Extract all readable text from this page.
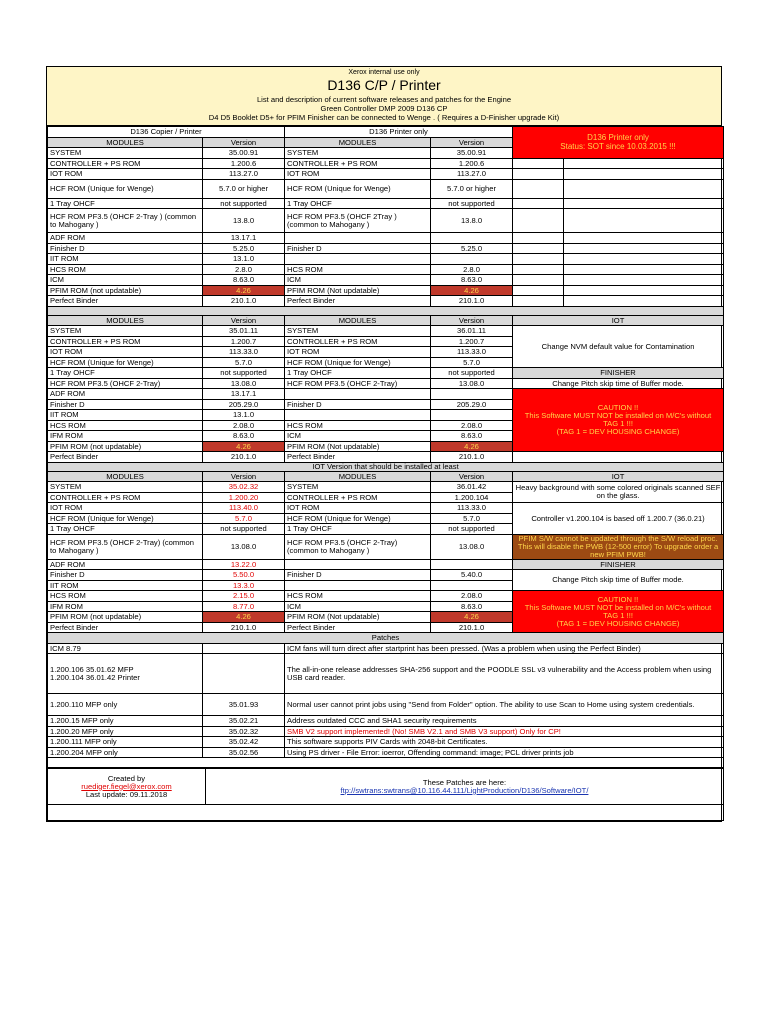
Xerox internal use only
D136 C/P / Printer
List and description of current software releases and patches for the Engine
Green Controller DMP 2009 D136 CP
D4 D5 Booklet D5+ for PFIM Finisher can be connected to Wenge . ( Requires a D-Finisher upgrade Kit)
D136 Copier / Printer		D136 Printer only		D136 Printer only
Status: SOT since 10.03.2015 !!!	
MODULES	Version	MODULES	Version		
SYSTEM	35.00.91	SYSTEM	35.00.91		
CONTROLLER + PS ROM	1.200.6	CONTROLLER + PS ROM	1.200.6		
IOT ROM	113.27.0	IOT ROM	113.27.0		
HCF ROM (Unique for Wenge)	5.7.0 or higher	HCF ROM (Unique for Wenge)	5.7.0 or higher		
1 Tray OHCF	not supported	1 Tray OHCF	not supported		
HCF ROM PF3.5 (OHCF 2-Tray ) (common to Mahogany )	13.8.0	HCF ROM PF3.5 (OHCF 2Tray ) (common to Mahogany )	13.8.0		
ADF ROM	13.17.1				
Finisher D	5.25.0	Finisher D	5.25.0		
IIT ROM	13.1.0				
HCS ROM	2.8.0	HCS ROM	2.8.0		
ICM	8.63.0	ICM	8.63.0		
PFIM ROM (not updatable)	4.26	PFIM ROM (Not updatable)	4.26		
Perfect Binder	210.1.0	Perfect Binder	210.1.0		

MODULES	Version	MODULES	Version	IOT	
SYSTEM	35.01.11	SYSTEM	36.01.11	Change NVM default value for Contamination	
CONTROLLER + PS ROM	1.200.7	CONTROLLER + PS ROM	1.200.7		
IOT ROM	113.33.0	IOT ROM	113.33.0		
HCF ROM (Unique for Wenge)	5.7.0	HCF ROM (Unique for Wenge)	5.7.0		
1 Tray OHCF	not supported	1 Tray OHCF	not supported	FINISHER	
HCF ROM PF3.5 (OHCF 2-Tray)	13.08.0	HCF ROM PF3.5 (OHCF 2-Tray)	13.08.0	Change Pitch skip time of Buffer mode.	
ADF ROM	13.17.1			CAUTION !!
This Software MUST NOT be installed on M/C's without
TAG 1 !!!
(TAG 1 = DEV HOUSING CHANGE)	
Finisher D	205.29.0	Finisher D	205.29.0		
IIT ROM	13.1.0				
HCS ROM	2.08.0	HCS ROM	2.08.0		
IFM ROM	8.63.0	ICM	8.63.0		
PFIM ROM (not updatable)	4.26	PFIM ROM (Not updatable)	4.26		
Perfect Binder	210.1.0	Perfect Binder	210.1.0		
IOT Version that should be installed at least					
MODULES	Version	MODULES	Version	IOT	
SYSTEM	35.02.32	SYSTEM	36.01.42	Heavy background with some colored originals scanned SEF on the glass.	
CONTROLLER + PS ROM	1.200.20	CONTROLLER + PS ROM	1.200.104		
IOT ROM	113.40.0	IOT ROM	113.33.0	Controller v1.200.104 is based off 1.200.7 (36.0.21)	
HCF ROM (Unique for Wenge)	5.7.0	HCF ROM (Unique for Wenge)	5.7.0		
1 Tray OHCF	not supported	1 Tray OHCF	not supported		
HCF ROM PF3.5 (OHCF 2-Tray) (common to Mahogany )	13.08.0	HCF ROM PF3.5 (OHCF 2-Tray) (common to Mahogany )	13.08.0	PFIM S/W cannot be updated through the S/W reload proc. This will disable the PWB (12-500 error) To upgrade order a new PFIM PWB!	
ADF ROM	13.22.0			FINISHER	
Finisher D	5.50.0	Finisher D	5.40.0	Change Pitch skip time of Buffer mode.	
IIT ROM	13.3.0				
HCS ROM	2.15.0	HCS ROM	2.08.0	CAUTION !!
This Software MUST NOT be installed on M/C's without
TAG 1 !!!
(TAG 1 = DEV HOUSING CHANGE)	
IFM ROM	8.77.0	ICM	8.63.0		
PFIM ROM (not updatable)	4.26	PFIM ROM (Not updatable)	4.26		
Perfect Binder	210.1.0	Perfect Binder	210.1.0		
Patches					
ICM 8.79		ICM fans will turn direct after startprint has been pressed. (Was a problem when using the Perfect Binder)			
1.200.106 35.01.62 MFP
1.200.104 36.01.42 Printer		The all-in-one release addresses SHA-256 support and the POODLE SSL v3 vulnerability and the Access problem when using USB card reader.			
1.200.110 MFP only	35.01.93	Normal user cannot print jobs using "Send from Folder" option. The ability to use Scan to Home using system credentials.			
1.200.15 MFP only	35.02.21	Address outdated CCC and SHA1 security requirements			
1.200.20 MFP only	35.02.32	SMB V2 support implemented! (No! SMB V2.1 and SMB V3 support) Only for CP!			
1.200.111 MFP only	35.02.42	This software supports PIV Cards with 2048-bit Certificates.			
1.200.204 MFP only	35.02.56	Using PS driver - File Error: ioerror, Offending command: image; PCL driver prints job			

Created by
ruediger.fiegel@xerox.com
Last update: 09.11.2018

These Patches are here:
ftp://swtrans:swtrans@10.116.44.111/LightProduction/D136/Software/IOT/
